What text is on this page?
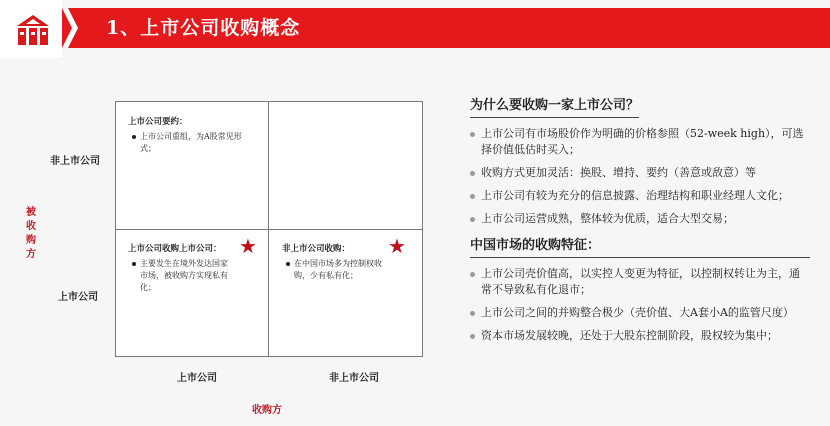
1、上市公司收购概念
被收购方
非上市公司
上市公司
上市公司要约：
上市公司重组，为A股常见形式；
上市公司收购上市公司：
主要发生在境外发达国家市场，被收购方实现私有化；
★	非上市公司收购：
在中国市场多为控制权收购，少有私有化；
★
上市公司	非上市公司
收购方
为什么要收购一家上市公司？
上市公司有市场股价作为明确的价格参照（52-week high），可选择价值低估时买入；
收购方式更加灵活：换股、增持、要约（善意或敌意）等
上市公司有较为充分的信息披露、治理结构和职业经理人文化；
上市公司运营成熟，整体较为优质，适合大型交易；
中国市场的收购特征：
上市公司壳价值高，以实控人变更为特征，以控制权转让为主，通常不导致私有化退市；
上市公司之间的并购整合极少（壳价值、大A套小A的监管尺度）
资本市场发展较晚，还处于大股东控制阶段，股权较为集中；
